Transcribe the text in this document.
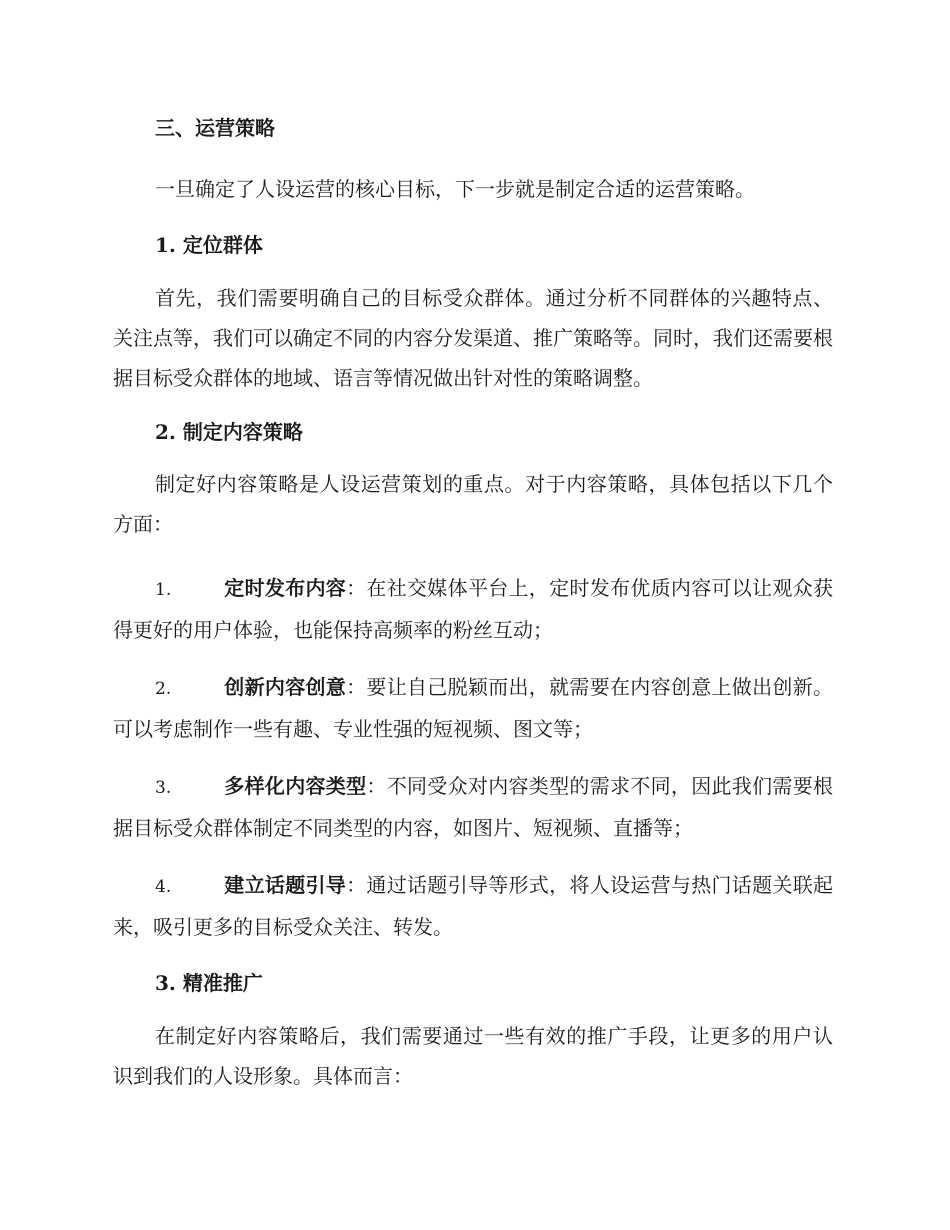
三、运营策略

一旦确定了人设运营的核心目标，下一步就是制定合适的运营策略。

1. 定位群体

首先，我们需要明确自己的目标受众群体。通过分析不同群体的兴趣特点、关注点等，我们可以确定不同的内容分发渠道、推广策略等。同时，我们还需要根据目标受众群体的地域、语言等情况做出针对性的策略调整。

2. 制定内容策略

制定好内容策略是人设运营策划的重点。对于内容策略，具体包括以下几个方面：

1.	定时发布内容：在社交媒体平台上，定时发布优质内容可以让观众获得更好的用户体验，也能保持高频率的粉丝互动；

2.	创新内容创意：要让自己脱颖而出，就需要在内容创意上做出创新。可以考虑制作一些有趣、专业性强的短视频、图文等；

3.	多样化内容类型：不同受众对内容类型的需求不同，因此我们需要根据目标受众群体制定不同类型的内容，如图片、短视频、直播等；

4.	建立话题引导：通过话题引导等形式，将人设运营与热门话题关联起来，吸引更多的目标受众关注、转发。

3. 精准推广

在制定好内容策略后，我们需要通过一些有效的推广手段，让更多的用户认识到我们的人设形象。具体而言：
